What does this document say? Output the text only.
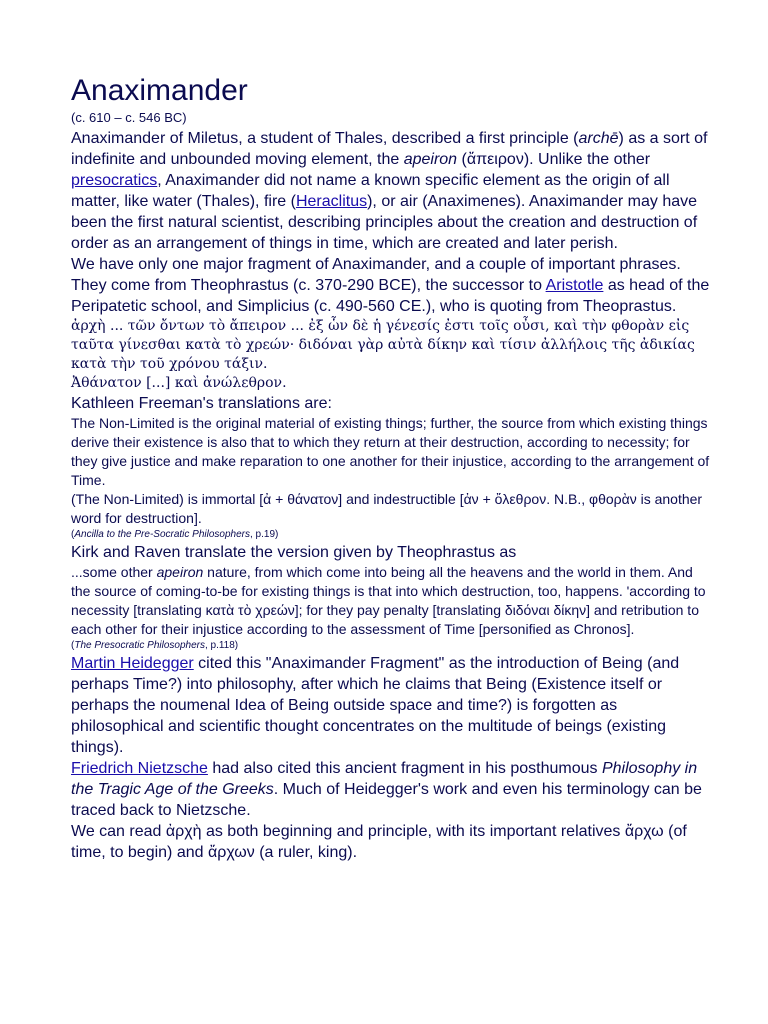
Anaximander
(c. 610 – c. 546 BC)

Anaximander of Miletus, a student of Thales, described a first principle (archē) as a sort of indefinite and unbounded moving element, the apeiron (ἄπειρον). Unlike the other presocratics, Anaximander did not name a known specific element as the origin of all matter, like water (Thales), fire (Heraclitus), or air (Anaximenes). Anaximander may have been the first natural scientist, describing principles about the creation and destruction of order as an arrangement of things in time, which are created and later perish.

We have only one major fragment of Anaximander, and a couple of important phrases. They come from Theophrastus (c. 370-290 BCE), the successor to Aristotle as head of the Peripatetic school, and Simplicius (c. 490-560 CE.), who is quoting from Theoprastus.

ἀρχὴ ... τῶν ὄντων τὸ ἄπειρον ... ἐξ ὧν δὲ ἡ γένεσίς ἐστι τοῖς οὖσι, καὶ τὴν φθορὰν εἰς ταῦτα γίνεσθαι κατὰ τὸ χρεών· διδόναι γὰρ αὐτὰ δίκην καὶ τίσιν ἀλλήλοις τῆς ἀδικίας κατὰ τὴν τοῦ χρόνου τάξιν.

Ἀθάνατον [...] καὶ ἀνώλεθρον.

Kathleen Freeman's translations are:

The Non-Limited is the original material of existing things; further, the source from which existing things derive their existence is also that to which they return at their destruction, according to necessity; for they give justice and make reparation to one another for their injustice, according to the arrangement of Time.

(The Non-Limited) is immortal [ἀ + θάνατον] and indestructible [ἀν + ὄλεθρον. N.B., φθορὰν is another word for destruction].

(Ancilla to the Pre-Socratic Philosophers, p.19)

Kirk and Raven translate the version given by Theophrastus as

...some other apeiron nature, from which come into being all the heavens and the world in them. And the source of coming-to-be for existing things is that into which destruction, too, happens. 'according to necessity [translating κατὰ τὸ χρεών]; for they pay penalty [translating διδόναι δίκην] and retribution to each other for their injustice according to the assessment of Time [personified as Chronos].

(The Presocratic Philosophers, p.118)

Martin Heidegger cited this "Anaximander Fragment" as the introduction of Being (and perhaps Time?) into philosophy, after which he claims that Being (Existence itself or perhaps the noumenal Idea of Being outside space and time?) is forgotten as philosophical and scientific thought concentrates on the multitude of beings (existing things).

Friedrich Nietzsche had also cited this ancient fragment in his posthumous Philosophy in the Tragic Age of the Greeks. Much of Heidegger's work and even his terminology can be traced back to Nietzsche.

We can read ἀρχὴ as both beginning and principle, with its important relatives ἄρχω (of time, to begin) and ἄρχων (a ruler, king).
